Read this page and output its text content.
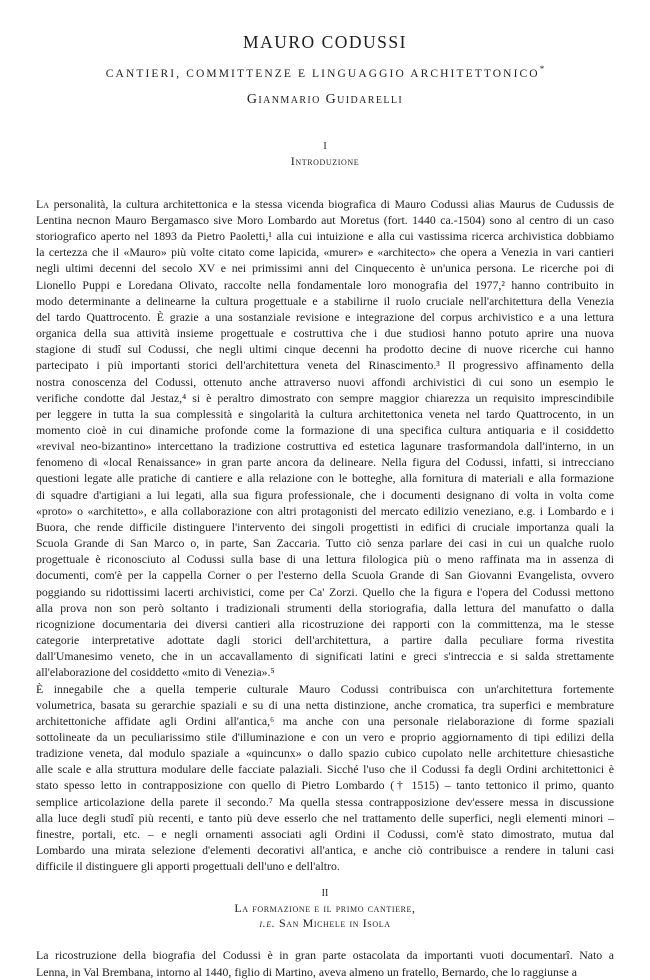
MAURO CODUSSI
CANTIERI, COMMITTENZE E LINGUAGGIO ARCHITETTONICO*
Gianmario Guidarelli
I
Introduzione
La personalità, la cultura architettonica e la stessa vicenda biografica di Mauro Codussi alias Maurus de Cudussis de
Lentina necnon Mauro Bergamasco sive Moro Lombardo aut Moretus (fort. 1440 ca.-1504) sono al centro di un caso
storiografico aperto nel 1893 da Pietro Paoletti,¹ alla cui intuizione e alla cui vastissima ricerca archivistica dobbiamo
la certezza che il «Mauro» più volte citato come lapicida, «murer» e «architecto» che opera a Venezia in vari cantieri
negli ultimi decenni del secolo XV e nei primissimi anni del Cinquecento è un'unica persona. Le ricerche poi di
Lionello Puppi e Loredana Olivato, raccolte nella fondamentale loro monografia del 1977,² hanno contribuito in
modo determinante a delinearne la cultura progettuale e a stabilirne il ruolo cruciale nell'architettura della Venezia
del tardo Quattrocento. È grazie a una sostanziale revisione e integrazione del corpus archivistico e a una lettura
organica della sua attività insieme progettuale e costruttiva che i due studiosi hanno potuto aprire una nuova
stagione di studî sul Codussi, che negli ultimi cinque decenni ha prodotto decine di nuove ricerche cui hanno
partecipato i più importanti storici dell'architettura veneta del Rinascimento.³ Il progressivo affinamento della
nostra conoscenza del Codussi, ottenuto anche attraverso nuovi affondi archivistici di cui sono un esempio le
verifiche condotte dal Jestaz,⁴ si è peraltro dimostrato con sempre maggior chiarezza un requisito imprescindibile
per leggere in tutta la sua complessità e singolarità la cultura architettonica veneta nel tardo Quattrocento, in un
momento cioè in cui dinamiche profonde come la formazione di una specifica cultura antiquaria e il cosiddetto
«revival neo-bizantino» intercettano la tradizione costruttiva ed estetica lagunare trasformandola dall'interno, in un
fenomeno di «local Renaissance» in gran parte ancora da delineare. Nella figura del Codussi, infatti, si intrecciano
questioni legate alle pratiche di cantiere e alla relazione con le botteghe, alla fornitura di materiali e alla formazione
di squadre d'artigiani a lui legati, alla sua figura professionale, che i documenti designano di volta in volta come
«proto» o «architetto», e alla collaborazione con altri protagonisti del mercato edilizio veneziano, e.g. i Lombardo e i
Buora, che rende difficile distinguere l'intervento dei singoli progettisti in edifici di cruciale importanza quali la
Scuola Grande di San Marco o, in parte, San Zaccaria. Tutto ciò senza parlare dei casi in cui un qualche ruolo
progettuale è riconosciuto al Codussi sulla base di una lettura filologica più o meno raffinata ma in assenza di
documenti, com'è per la cappella Corner o per l'esterno della Scuola Grande di San Giovanni Evangelista, ovvero
poggiando su ridottissimi lacerti archivistici, come per Ca' Zorzi. Quello che la figura e l'opera del Codussi mettono
alla prova non son però soltanto i tradizionali strumenti della storiografia, dalla lettura del manufatto o dalla
ricognizione documentaria dei diversi cantieri alla ricostruzione dei rapporti con la committenza, ma le stesse
categorie interpretative adottate dagli storici dell'architettura, a partire dalla peculiare forma rivestita
dall'Umanesimo veneto, che in un accavallamento di significati latini e greci s'intreccia e si salda strettamente
all'elaborazione del cosiddetto «mito di Venezia».⁵
È innegabile che a quella temperie culturale Mauro Codussi contribuisca con un'architettura fortemente
volumetrica, basata su gerarchie spaziali e su di una netta distinzione, anche cromatica, tra superfici e membrature
architettoniche affidate agli Ordini all'antica,⁶ ma anche con una personale rielaborazione di forme spaziali
sottolineate da un peculiarissimo stile d'illuminazione e con un vero e proprio aggiornamento di tipi edilizi della
tradizione veneta, dal modulo spaziale a «quincunx» o dallo spazio cubico cupolato nelle architetture chiesastiche
alle scale e alla struttura modulare delle facciate palaziali. Sicché l'uso che il Codussi fa degli Ordini architettonici è
stato spesso letto in contrapposizione con quello di Pietro Lombardo († 1515) – tanto tettonico il primo, quanto
semplice articolazione della parete il secondo.⁷ Ma quella stessa contrapposizione dev'essere messa in discussione
alla luce degli studî più recenti, e tanto più deve esserlo che nel trattamento delle superfici, negli elementi minori –
finestre, portali, etc. – e negli ornamenti associati agli Ordini il Codussi, com'è stato dimostrato, mutua dal
Lombardo una mirata selezione d'elementi decorativi all'antica, e anche ciò contribuisce a rendere in taluni casi
difficile il distinguere gli apporti progettuali dell'uno e dell'altro.
II
La formazione e il primo cantiere,
i.e. San Michele in Isola
La ricostruzione della biografia del Codussi è in gran parte ostacolata da importanti vuoti documentarî. Nato a
Lenna, in Val Brembana, intorno al 1440, figlio di Martino, aveva almeno un fratello, Bernardo, che lo raggiunse a
